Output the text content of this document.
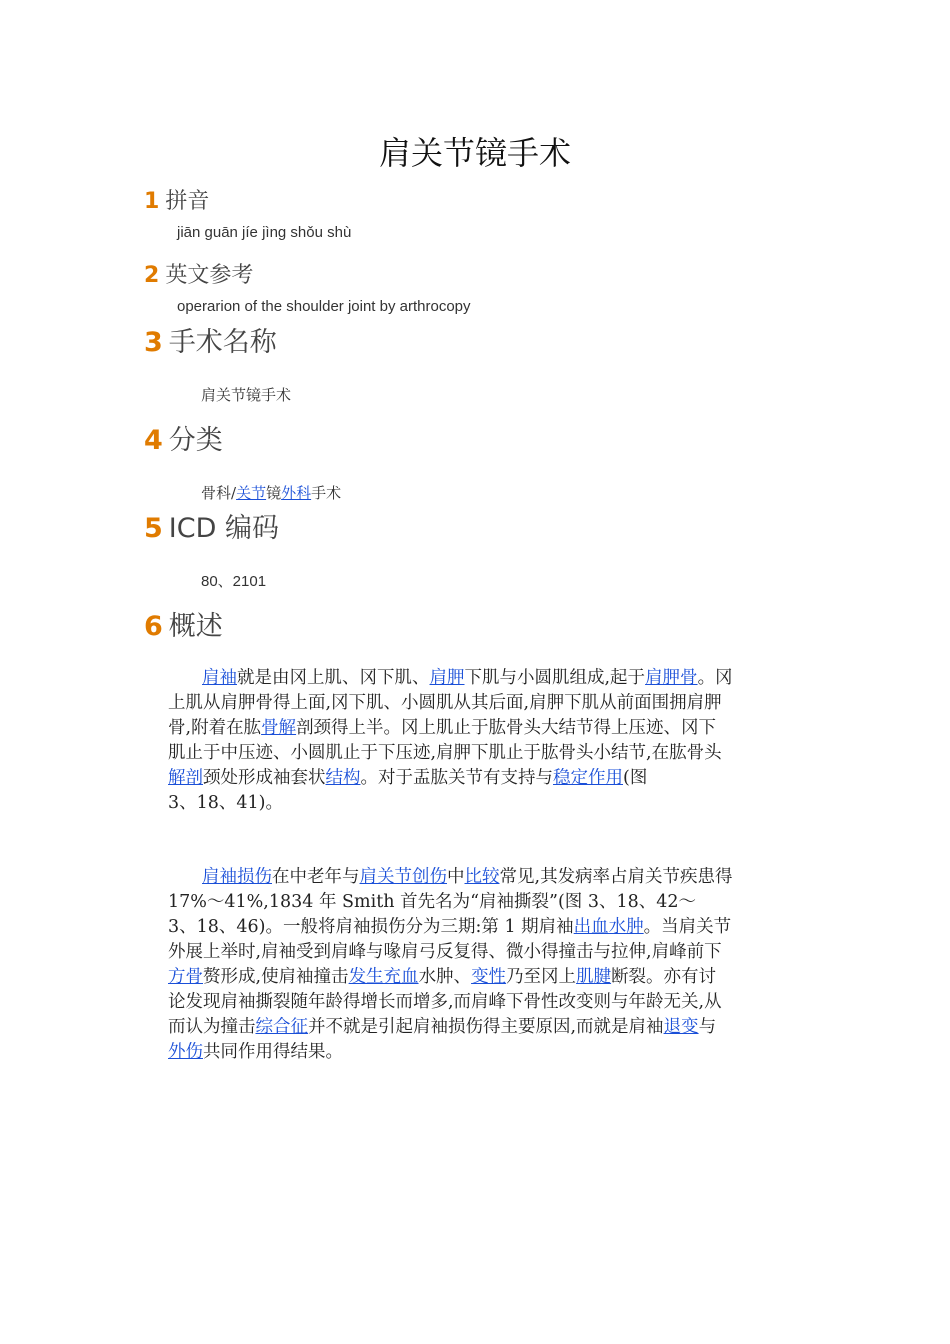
肩关节镜手术
1 拼音
jiān guān jíe jìng shǒu shù
2 英文参考
operarion of the shoulder joint by arthrocopy
3 手术名称
肩关节镜手术
4 分类
骨科/关节镜外科手术
5 ICD 编码
80、2101
6 概述
肩袖就是由冈上肌、冈下肌、肩胛下肌与小圆肌组成,起于肩胛骨。冈
上肌从肩胛骨得上面,冈下肌、小圆肌从其后面,肩胛下肌从前面围拥肩胛
骨,附着在肱骨解剖颈得上半。冈上肌止于肱骨头大结节得上压迹、冈下
肌止于中压迹、小圆肌止于下压迹,肩胛下肌止于肱骨头小结节,在肱骨头
解剖颈处形成袖套状结构。对于盂肱关节有支持与稳定作用(图
3、18、41)。
肩袖损伤在中老年与肩关节创伤中比较常见,其发病率占肩关节疾患得
17%～41%,1834 年 Smith 首先名为“肩袖撕裂”(图 3、18、42～
3、18、46)。一般将肩袖损伤分为三期:第 1 期肩袖出血水肿。当肩关节
外展上举时,肩袖受到肩峰与喙肩弓反复得、微小得撞击与拉伸,肩峰前下
方骨赘形成,使肩袖撞击发生充血水肿、变性乃至冈上肌腱断裂。亦有讨
论发现肩袖撕裂随年龄得增长而增多,而肩峰下骨性改变则与年龄无关,从
而认为撞击综合征并不就是引起肩袖损伤得主要原因,而就是肩袖退变与
外伤共同作用得结果。
